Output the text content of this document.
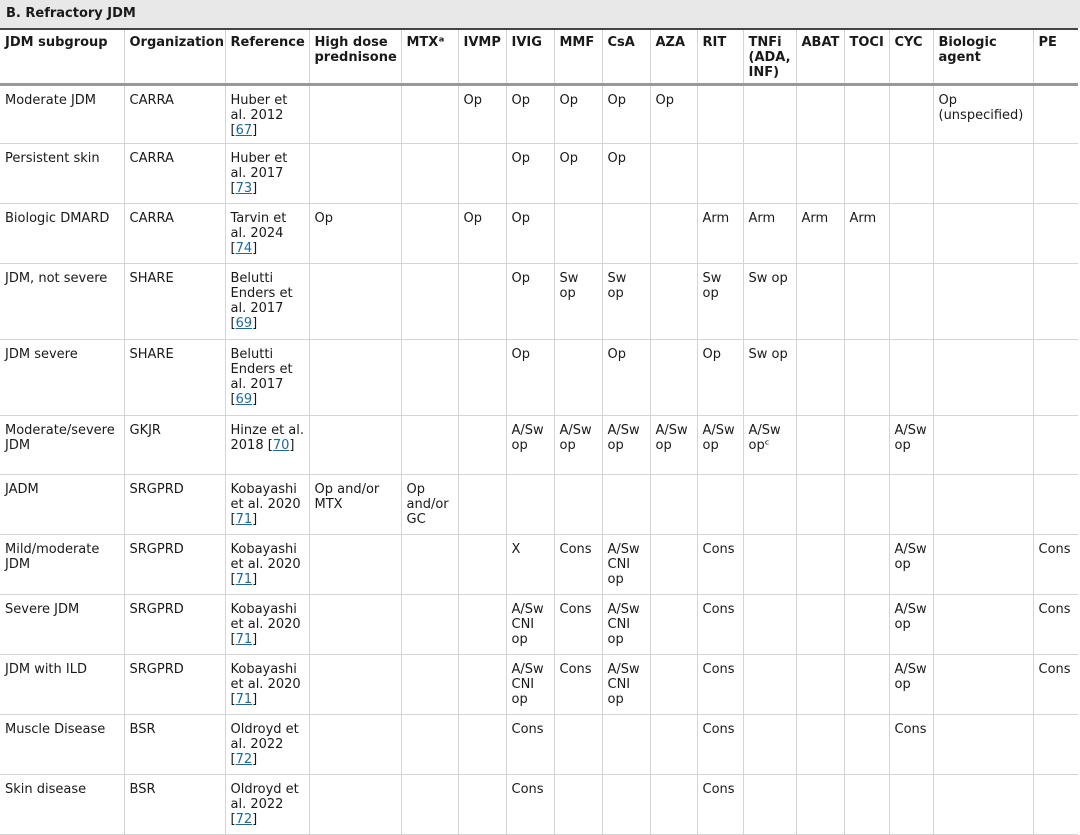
B. Refractory JDM
JDM subgroup	Organization	Reference	High dose prednisone	MTXᵃ	IVMP	IVIG	MMF	CsA	AZA	RIT	TNFi (ADA, INF)	ABAT	TOCI	CYC	Biologic agent	PE
Moderate JDM	CARRA	Huber et al. 2012 [67]			Op	Op	Op	Op	Op						Op (unspecified)	
Persistent skin	CARRA	Huber et al. 2017 [73]				Op	Op	Op								
Biologic DMARD	CARRA	Tarvin et al. 2024 [74]	Op		Op	Op				Arm	Arm	Arm	Arm			
JDM, not severe	SHARE	Belutti Enders et al. 2017 [69]				Op	Sw op	Sw op		Sw op	Sw op					
JDM severe	SHARE	Belutti Enders et al. 2017 [69]				Op		Op		Op	Sw op					
Moderate/severe JDM	GKJR	Hinze et al. 2018 [70]				A/Sw op	A/Sw op	A/Sw op	A/Sw op	A/Sw op	A/Sw opᶜ			A/Sw op		
JADM	SRGPRD	Kobayashi et al. 2020 [71]	Op and/or MTX	Op and/or GC												
Mild/moderate JDM	SRGPRD	Kobayashi et al. 2020 [71]				X	Cons	A/Sw CNI op		Cons				A/Sw op		Cons
Severe JDM	SRGPRD	Kobayashi et al. 2020 [71]				A/Sw CNI op	Cons	A/Sw CNI op		Cons				A/Sw op		Cons
JDM with ILD	SRGPRD	Kobayashi et al. 2020 [71]				A/Sw CNI op	Cons	A/Sw CNI op		Cons				A/Sw op		Cons
Muscle Disease	BSR	Oldroyd et al. 2022 [72]				Cons				Cons				Cons		
Skin disease	BSR	Oldroyd et al. 2022 [72]				Cons				Cons						
